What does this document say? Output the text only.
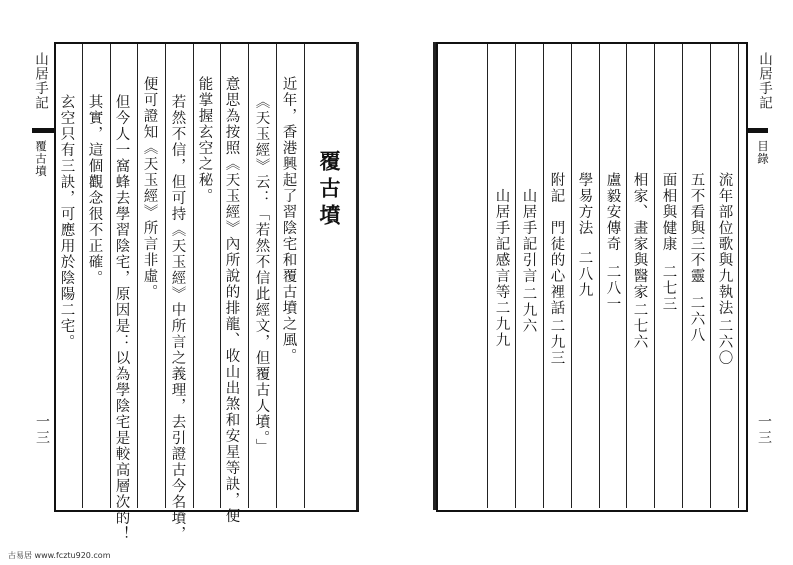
山居手記
覆古墳
一三
覆古墳
近年，香港興起了習陰宅和覆古墳之風。
《天玉經》云：「若然不信此經文，但覆古人墳。」
意思為按照《天玉經》內所說的排龍、收山出煞和安星等訣，便
能掌握玄空之秘。
若然不信，但可持《天玉經》中所言之義理，去引證古今名墳，
便可證知《天玉經》所言非虛。
但今人一窩蜂去學習陰宅，原因是：以為學陰宅是較高層次的！
其實，這個觀念很不正確。
玄空只有三訣，可應用於陰陽二宅。
山居手記
目錄
一三
流年部位歌與九執法
二六〇
五不看與三不靈
二六八
面相與健康
二七三
相家、畫家與醫家
二七六
盧毅安傳奇
二八一
學易方法
二八九
附記　門徒的心裡話
二九三
山居手記引言
二九六
山居手記感言等
二九九
古易居 www.fcztu920.com
